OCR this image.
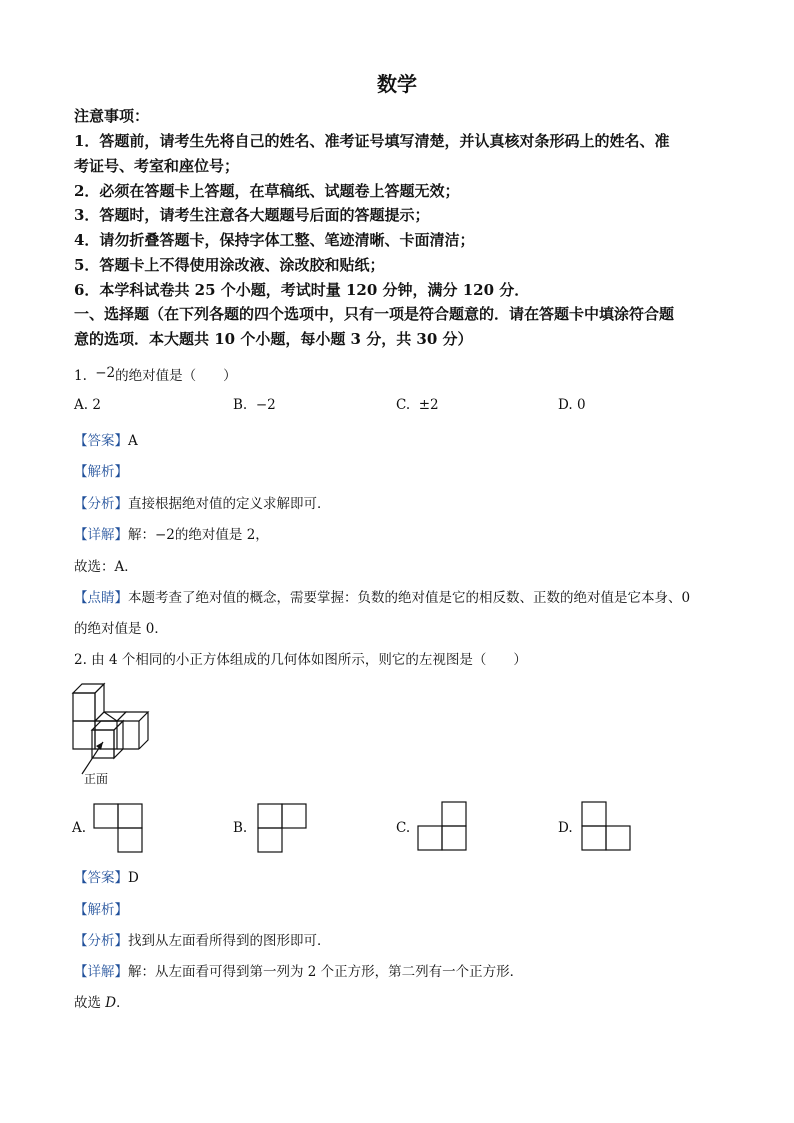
数学
注意事项：
1．答题前，请考生先将自己的姓名、准考证号填写清楚，并认真核对条形码上的姓名、准
考证号、考室和座位号；
2．必须在答题卡上答题，在草稿纸、试题卷上答题无效；
3．答题时，请考生注意各大题题号后面的答题提示；
4．请勿折叠答题卡，保持字体工整、笔迹清晰、卡面清洁；
5．答题卡上不得使用涂改液、涂改胶和贴纸；
6．本学科试卷共 25 个小题，考试时量 120 分钟，满分 120 分．
一、选择题（在下列各题的四个选项中，只有一项是符合题意的．请在答题卡中填涂符合题
意的选项．本大题共 10 个小题，每小题 3 分，共 30 分）
1. −2的绝对值是（　　）
A. 2	B. −2	C. ±2	D. 0
【答案】A
【解析】
【分析】直接根据绝对值的定义求解即可．
【详解】解：−2的绝对值是 2，
故选：A．
【点睛】本题考查了绝对值的概念，需要掌握：负数的绝对值是它的相反数、正数的绝对值是它本身、0
的绝对值是 0．
2. 由 4 个相同的小正方体组成的几何体如图所示，则它的左视图是（　　）
正面
A.	B.	C.	D.
【答案】D
【解析】
【分析】找到从左面看所得到的图形即可．
【详解】解：从左面看可得到第一列为 2 个正方形，第二列有一个正方形．
故选 D．
